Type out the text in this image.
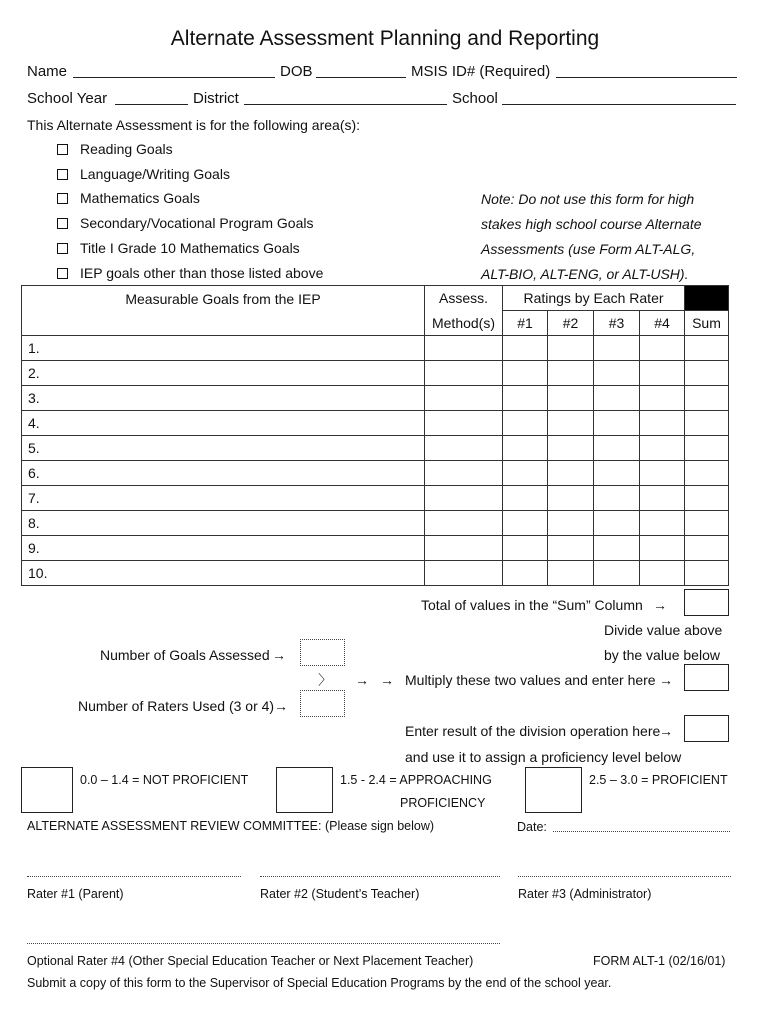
Alternate Assessment Planning and Reporting
Name	DOB	MSIS ID# (Required)
School Year	District	School
This Alternate Assessment is for the following area(s):
Reading Goals
Language/Writing Goals
Mathematics Goals
Secondary/Vocational Program Goals
Title I Grade 10 Mathematics Goals
IEP goals other than those listed above
Note: Do not use this form for high
stakes high school course Alternate
Assessments (use Form ALT-ALG,
ALT-BIO, ALT-ENG, or ALT-USH).
Measurable Goals from the IEP	Assess.	Ratings by Each Rater				
	Method(s)	#1	#2	#3	#4	Sum
1.						
2.						
3.						
4.						
5.						
6.						
7.						
8.						
9.						
10.						
Total of values in the “Sum” Column →
Divide value above
by the value below
Number of Goals Assessed →
〉 → → Multiply these two values and enter here →
Number of Raters Used (3 or 4) →
Enter result of the division operation here
→
and use it to assign a proficiency level below
0.0 – 1.4 = NOT PROFICIENT	1.5 - 2.4 = APPROACHING
PROFICIENCY
2.5 – 3.0 = PROFICIENT
ALTERNATE ASSESSMENT REVIEW COMMITTEE: (Please sign below)	Date:
Rater #1 (Parent)	Rater #2 (Student’s Teacher)	Rater #3 (Administrator)
Optional Rater #4 (Other Special Education Teacher or Next Placement Teacher)	FORM ALT-1 (02/16/01)
Submit a copy of this form to the Supervisor of Special Education Programs by the end of the school year.
